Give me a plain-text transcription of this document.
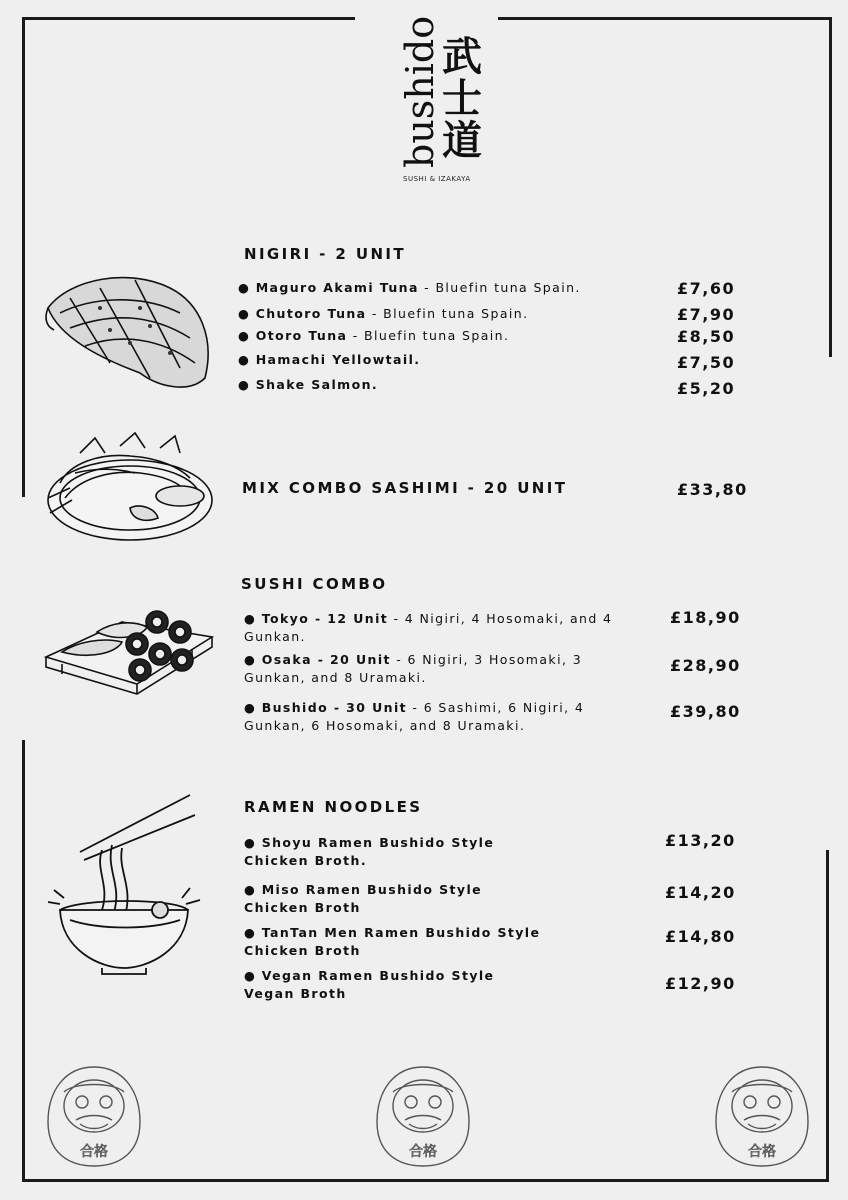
bushido 武
士
道
SUSHI & IZAKAYA
NIGIRI - 2 UNIT
● Maguro Akami Tuna - Bluefin tuna Spain.	£7,60
● Chutoro Tuna - Bluefin tuna Spain.	£7,90
● Otoro Tuna - Bluefin tuna Spain.	£8,50
● Hamachi Yellowtail.	£7,50
● Shake Salmon.	£5,20
MIX COMBO SASHIMI - 20 UNIT	£33,80
SUSHI COMBO
● Tokyo - 12 Unit - 4 Nigiri, 4 Hosomaki, and 4
Gunkan.
£18,90
● Osaka - 20 Unit - 6 Nigiri, 3 Hosomaki, 3
Gunkan, and 8 Uramaki.
£28,90
● Bushido - 30 Unit - 6 Sashimi, 6 Nigiri, 4
Gunkan, 6 Hosomaki, and 8 Uramaki.
£39,80
RAMEN NOODLES
● Shoyu Ramen Bushido Style
Chicken Broth.
£13,20
● Miso Ramen Bushido Style
Chicken Broth
£14,20
● TanTan Men Ramen Bushido Style
Chicken Broth
£14,80
● Vegan Ramen Bushido Style
Vegan Broth
£12,90
合格	合格	合格
